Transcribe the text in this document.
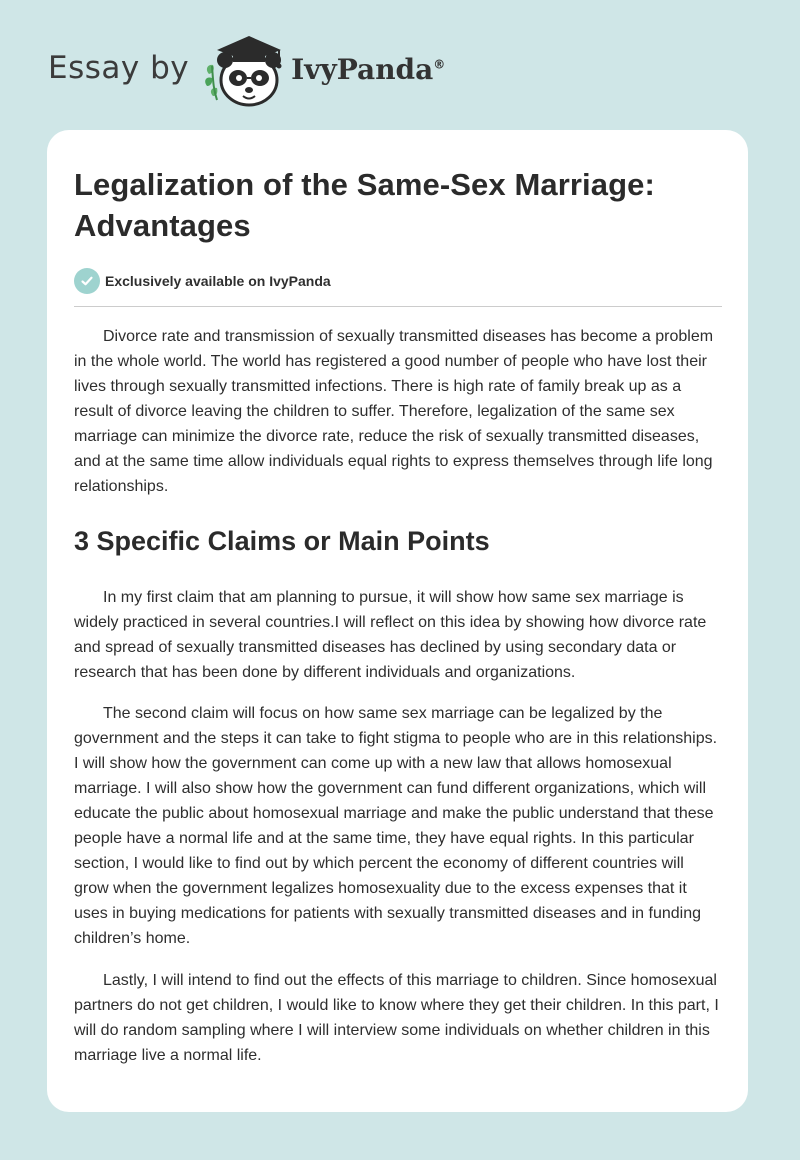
Essay by	IvyPanda®
Legalization of the Same-Sex Marriage: Advantages
Exclusively available on IvyPanda

Divorce rate and transmission of sexually transmitted diseases has become a problem in the whole world. The world has registered a good number of people who have lost their lives through sexually transmitted infections. There is high rate of family break up as a result of divorce leaving the children to suffer. Therefore, legalization of the same sex marriage can minimize the divorce rate, reduce the risk of sexually transmitted diseases, and at the same time allow individuals equal rights to express themselves through life long relationships.

3 Specific Claims or Main Points

In my first claim that am planning to pursue, it will show how same sex marriage is widely practiced in several countries.I will reflect on this idea by showing how divorce rate and spread of sexually transmitted diseases has declined by using secondary data or research that has been done by different individuals and organizations.

The second claim will focus on how same sex marriage can be legalized by the government and the steps it can take to fight stigma to people who are in this relationships. I will show how the government can come up with a new law that allows homosexual marriage. I will also show how the government can fund different organizations, which will educate the public about homosexual marriage and make the public understand that these people have a normal life and at the same time, they have equal rights. In this particular section, I would like to find out by which percent the economy of different countries will grow when the government legalizes homosexuality due to the excess expenses that it uses in buying medications for patients with sexually transmitted diseases and in funding children’s home.

Lastly, I will intend to find out the effects of this marriage to children. Since homosexual partners do not get children, I would like to know where they get their children. In this part, I will do random sampling where I will interview some individuals on whether children in this marriage live a normal life.
